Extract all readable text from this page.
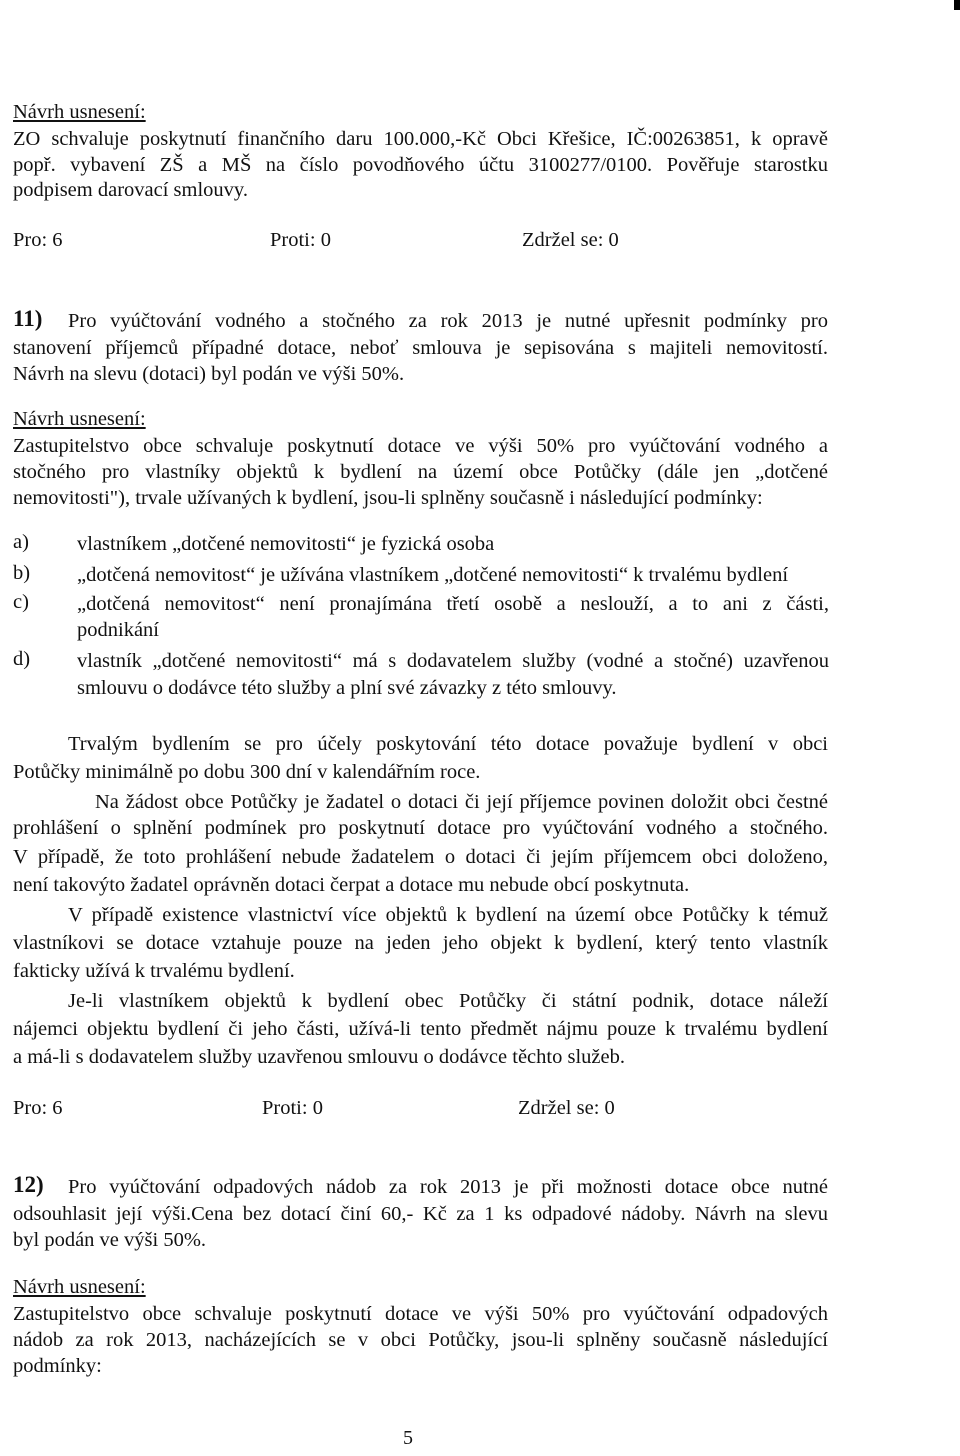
Návrh usnesení:
ZO schvaluje poskytnutí finančního daru 100.000,-Kč Obci Křešice, IČ:00263851, k opravě
popř. vybavení ZŠ a MŠ na číslo povodňového účtu 3100277/0100. Pověřuje starostku
podpisem darovací smlouvy.
Pro: 6	Proti: 0	Zdržel se: 0
Pro vyúčtování vodného a stočného za rok 2013 je nutné upřesnit podmínky pro
11)
stanovení příjemců případné dotace, neboť smlouva je sepisována s majiteli nemovitostí.
Návrh na slevu (dotaci) byl podán ve výši 50%.
Návrh usnesení:
Zastupitelstvo obce schvaluje poskytnutí dotace ve výši 50% pro vyúčtování vodného a
stočného pro vlastníky objektů k bydlení na území obce Potůčky (dále jen „dotčené
nemovitosti"), trvale užívaných k bydlení, jsou-li splněny současně i následující podmínky:
a) vlastníkem „dotčené nemovitosti“ je fyzická osoba
b) „dotčená nemovitost“ je užívána vlastníkem „dotčené nemovitosti“ k trvalému bydlení
c) „dotčená nemovitost“ není pronajímána třetí osobě a neslouží, a to ani z části,
podnikání
d) vlastník „dotčené nemovitosti“ má s dodavatelem služby (vodné a stočné) uzavřenou
smlouvu o dodávce této služby a plní své závazky z této smlouvy.
Trvalým bydlením se pro účely poskytování této dotace považuje bydlení v obci
Potůčky minimálně po dobu 300 dní v kalendářním roce.
Na žádost obce Potůčky je žadatel o dotaci či její příjemce povinen doložit obci čestné
prohlášení o splnění podmínek pro poskytnutí dotace pro vyúčtování vodného a stočného.
V případě, že toto prohlášení nebude žadatelem o dotaci či jejím příjemcem obci doloženo,
není takovýto žadatel oprávněn dotaci čerpat a dotace mu nebude obcí poskytnuta.
V případě existence vlastnictví více objektů k bydlení na území obce Potůčky k témuž
vlastníkovi se dotace vztahuje pouze na jeden jeho objekt k bydlení, který tento vlastník
fakticky užívá k trvalému bydlení.
Je-li vlastníkem objektů k bydlení obec Potůčky či státní podnik, dotace náleží
nájemci objektu bydlení či jeho části, užívá-li tento předmět nájmu pouze k trvalému bydlení
a má-li s dodavatelem služby uzavřenou smlouvu o dodávce těchto služeb.
Pro: 6	Proti: 0	Zdržel se: 0
12)	Pro vyúčtování odpadových nádob za rok 2013 je při možnosti dotace obce nutné
odsouhlasit její výši.Cena bez dotací činí 60,- Kč za 1 ks odpadové nádoby. Návrh na slevu
byl podán ve výši 50%.
Návrh usnesení:
Zastupitelstvo obce schvaluje poskytnutí dotace ve výši 50% pro vyúčtování odpadových
nádob za rok 2013, nacházejících se v obci Potůčky, jsou-li splněny současně následující
podmínky:
5
